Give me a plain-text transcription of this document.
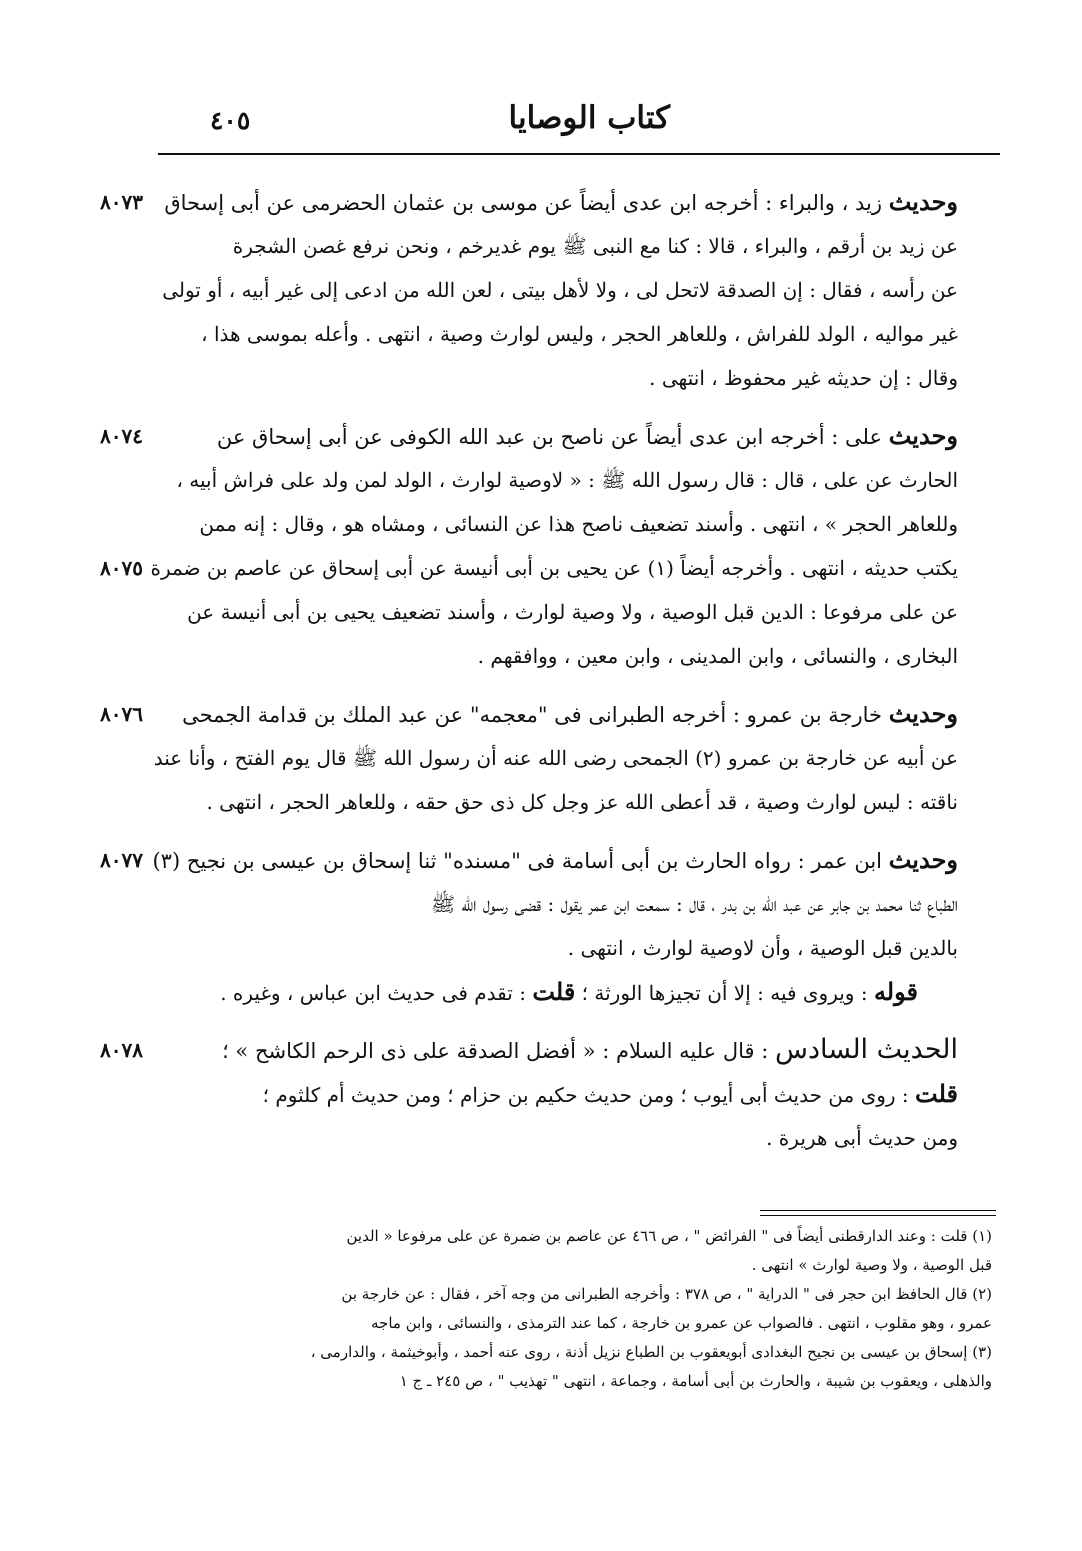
كتاب الوصايا
٤٠٥
٨٠٧٣	وحديث زيد ، والبراء : أخرجه ابن عدى أيضاً عن موسى بن عثمان الحضرمى عن أبى إسحاق
عن زيد بن أرقم ، والبراء ، قالا : كنا مع النبى ﷺ يوم غديرخم ، ونحن نرفع غصن الشجرة
عن رأسه ، فقال : إن الصدقة لاتحل لى ، ولا لأهل بيتى ، لعن الله من ادعى إلى غير أبيه ، أو تولى
غير مواليه ، الولد للفراش ، وللعاهر الحجر ، وليس لوارث وصية ، انتهى . وأعله بموسى هذا ،
وقال : إن حديثه غير محفوظ ، انتهى .
٨٠٧٤	وحديث على : أخرجه ابن عدى أيضاً عن ناصح بن عبد الله الكوفى عن أبى إسحاق عن
الحارث عن على ، قال : قال رسول الله ﷺ : « لاوصية لوارث ، الولد لمن ولد على فراش أبيه ،
وللعاهر الحجر » ، انتهى . وأسند تضعيف ناصح هذا عن النسائى ، ومشاه هو ، وقال : إنه ممن
٨٠٧٥ يكتب حديثه ، انتهى . وأخرجه أيضاً (١) عن يحيى بن أبى أنيسة عن أبى إسحاق عن عاصم بن ضمرة
عن على مرفوعا : الدين قبل الوصية ، ولا وصية لوارث ، وأسند تضعيف يحيى بن أبى أنيسة عن
البخارى ، والنسائى ، وابن المدينى ، وابن معين ، ووافقهم .
٨٠٧٦	وحديث خارجة بن عمرو : أخرجه الطبرانى فى "معجمه" عن عبد الملك بن قدامة الجمحى
عن أبيه عن خارجة بن عمرو (٢) الجمحى رضى الله عنه أن رسول الله ﷺ قال يوم الفتح ، وأنا عند
ناقته : ليس لوارث وصية ، قد أعطى الله عز وجل كل ذى حق حقه ، وللعاهر الحجر ، انتهى .
٨٠٧٧	وحديث ابن عمر : رواه الحارث بن أبى أسامة فى "مسنده" ثنا إسحاق بن عيسى بن نجيح (٣)
الطباع ثنا محمد بن جابر عن عبد الله بن بدر ، قال : سمعت ابن عمر يقول : قضى رسول الله ﷺ
بالدين قبل الوصية ، وأن لاوصية لوارث ، انتهى .
قوله : ويروى فيه : إلا أن تجيزها الورثة ؛ قلت : تقدم فى حديث ابن عباس ، وغيره .
٨٠٧٨	الحديث السادس : قال عليه السلام : « أفضل الصدقة على ذى الرحم الكاشح » ؛
قلت : روى من حديث أبى أيوب ؛ ومن حديث حكيم بن حزام ؛ ومن حديث أم كلثوم ؛
ومن حديث أبى هريرة .
(١) قلت : وعند الدارقطنى أيضاً فى " الفرائض " ، ص ٤٦٦ عن عاصم بن ضمرة عن على مرفوعا « الدين
قبل الوصية ، ولا وصية لوارث » انتهى .
(٢) قال الحافظ ابن حجر فى " الدراية " ، ص ٣٧٨ : وأخرجه الطبرانى من وجه آخر ، فقال : عن خارجة بن
عمرو ، وهو مقلوب ، انتهى . فالصواب عن عمرو بن خارجة ، كما عند الترمذى ، والنسائى ، وابن ماجه
(٣) إسحاق بن عيسى بن نجيح البغدادى أبويعقوب بن الطباع نزيل أذنة ، روى عنه أحمد ، وأبوخيثمة ، والدارمى ،
والذهلى ، ويعقوب بن شيبة ، والحارث بن أبى أسامة ، وجماعة ، انتهى " تهذيب " ، ص ٢٤٥ ـ ج ١
